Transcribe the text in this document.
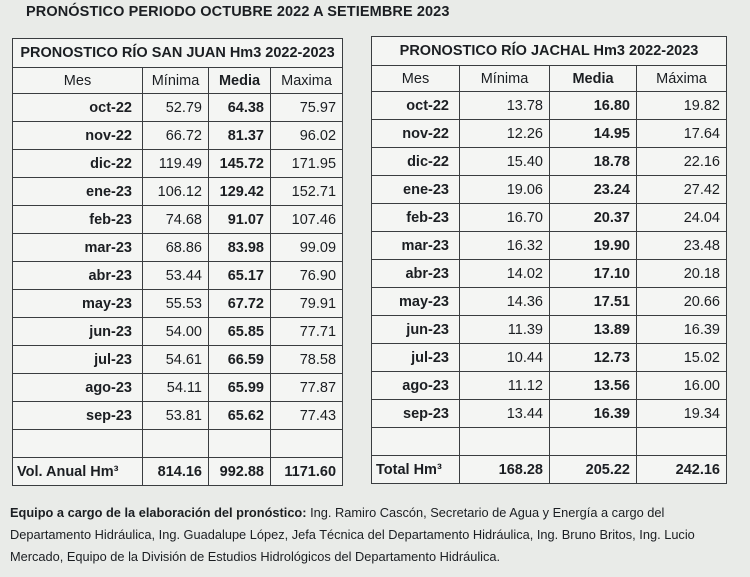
PRONÓSTICO PERIODO OCTUBRE 2022 A SETIEMBRE 2023
PRONOSTICO RÍO SAN JUAN Hm3 2022-2023			
Mes	Mínima	Media	Maxima
oct-22	52.79	64.38	75.97
nov-22	66.72	81.37	96.02
dic-22	119.49	145.72	171.95
ene-23	106.12	129.42	152.71
feb-23	74.68	91.07	107.46
mar-23	68.86	83.98	99.09
abr-23	53.44	65.17	76.90
may-23	55.53	67.72	79.91
jun-23	54.00	65.85	77.71
jul-23	54.61	66.59	78.58
ago-23	54.11	65.99	77.87
sep-23	53.81	65.62	77.43

Vol. Anual Hm³	814.16	992.88	1171.60
PRONOSTICO RÍO JACHAL Hm3 2022-2023			
Mes	Mínima	Media	Máxima
oct-22	13.78	16.80	19.82
nov-22	12.26	14.95	17.64
dic-22	15.40	18.78	22.16
ene-23	19.06	23.24	27.42
feb-23	16.70	20.37	24.04
mar-23	16.32	19.90	23.48
abr-23	14.02	17.10	20.18
may-23	14.36	17.51	20.66
jun-23	11.39	13.89	16.39
jul-23	10.44	12.73	15.02
ago-23	11.12	13.56	16.00
sep-23	13.44	16.39	19.34

Total Hm³	168.28	205.22	242.16
Equipo a cargo de la elaboración del pronóstico: Ing. Ramiro Cascón, Secretario de Agua y Energía a cargo del Departamento Hidráulica, Ing. Guadalupe López, Jefa Técnica del Departamento Hidráulica, Ing. Bruno Britos, Ing. Lucio Mercado, Equipo de la División de Estudios Hidrológicos del Departamento Hidráulica.
